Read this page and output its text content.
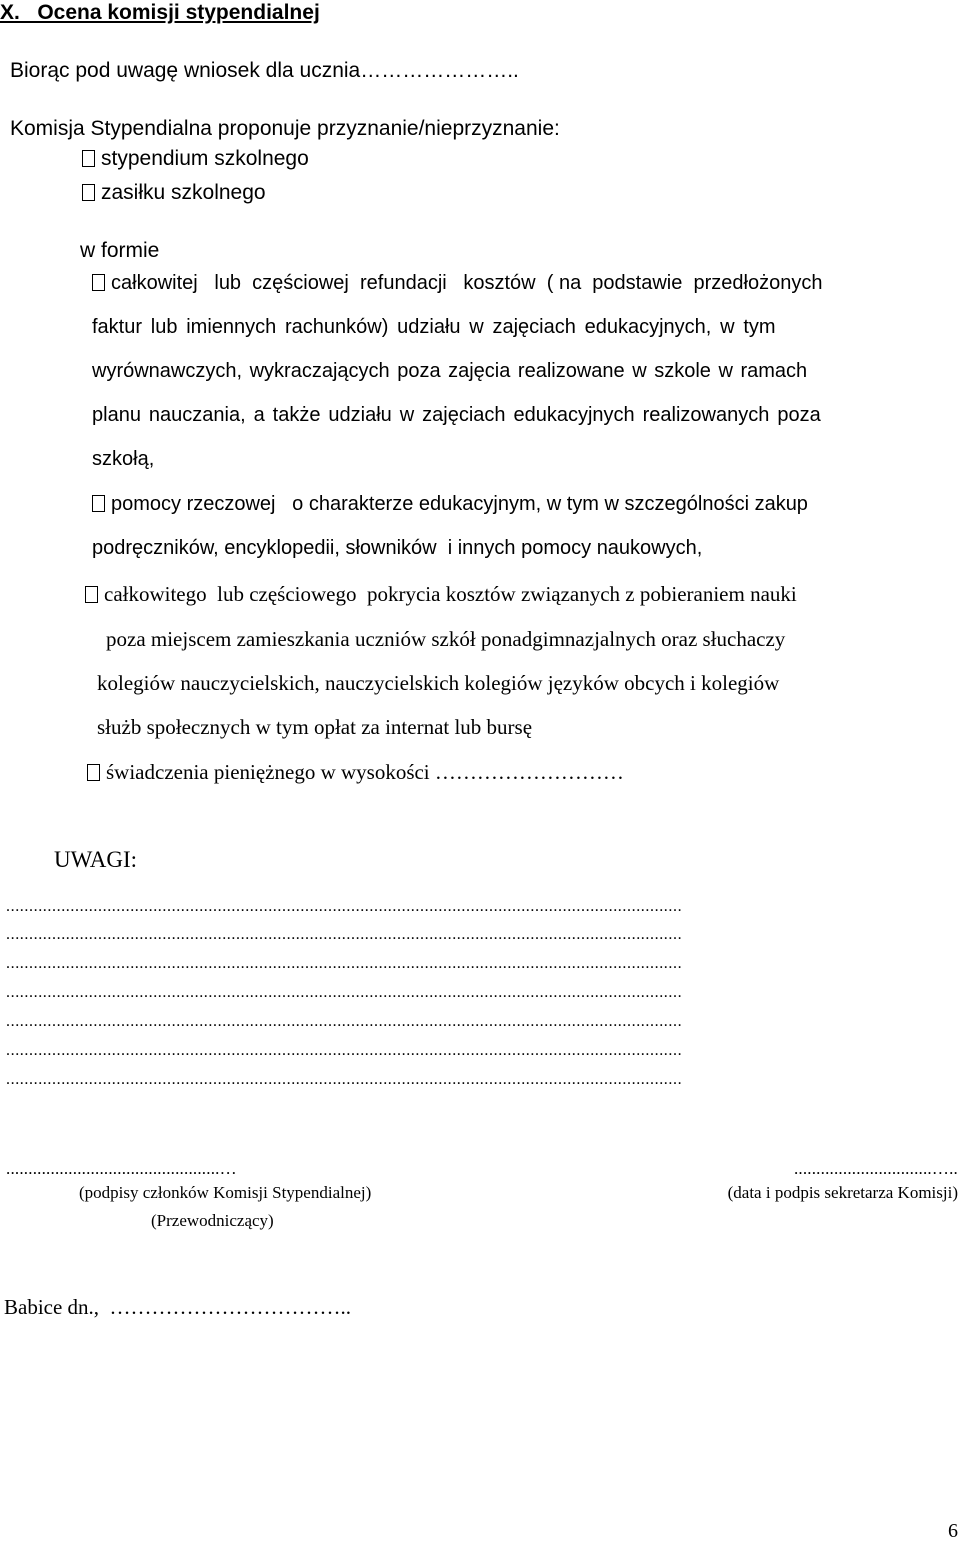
X.   Ocena komisji stypendialnej
Biorąc pod uwagę wniosek dla ucznia…………………..
Komisja Stypendialna proponuje przyznanie/nieprzyznanie:
stypendium szkolnego
zasiłku szkolnego
w formie
całkowitej   lub  częściowej  refundacji   kosztów  ( na  podstawie  przedłożonych
faktur lub imiennych rachunków) udziału w zajęciach edukacyjnych, w tym
wyrównawczych, wykraczających poza zajęcia realizowane w szkole w ramach
planu nauczania, a także udziału w zajęciach edukacyjnych realizowanych poza
szkołą,
pomocy rzeczowej   o charakterze edukacyjnym, w tym w szczególności zakup
podręczników, encyklopedii, słowników  i innych pomocy naukowych,
całkowitego  lub częściowego  pokrycia kosztów związanych z pobieraniem nauki
poza miejscem zamieszkania uczniów szkół ponadgimnazjalnych oraz słuchaczy
kolegiów nauczycielskich, nauczycielskich kolegiów języków obcych i kolegiów
służb społecznych w tym opłat za internat lub bursę
świadczenia pieniężnego w wysokości ………………………
UWAGI:
...................................................................................................................................................
...................................................................................................................................................
...................................................................................................................................................
...................................................................................................................................................
...................................................................................................................................................
...................................................................................................................................................
...................................................................................................................................................
................................................…
(podpisy członków Komisji Stypendialnej)
(Przewodniczący)
...............................…..
(data i podpis sekretarza Komisji)
Babice dn.,  ……………………………..
6
